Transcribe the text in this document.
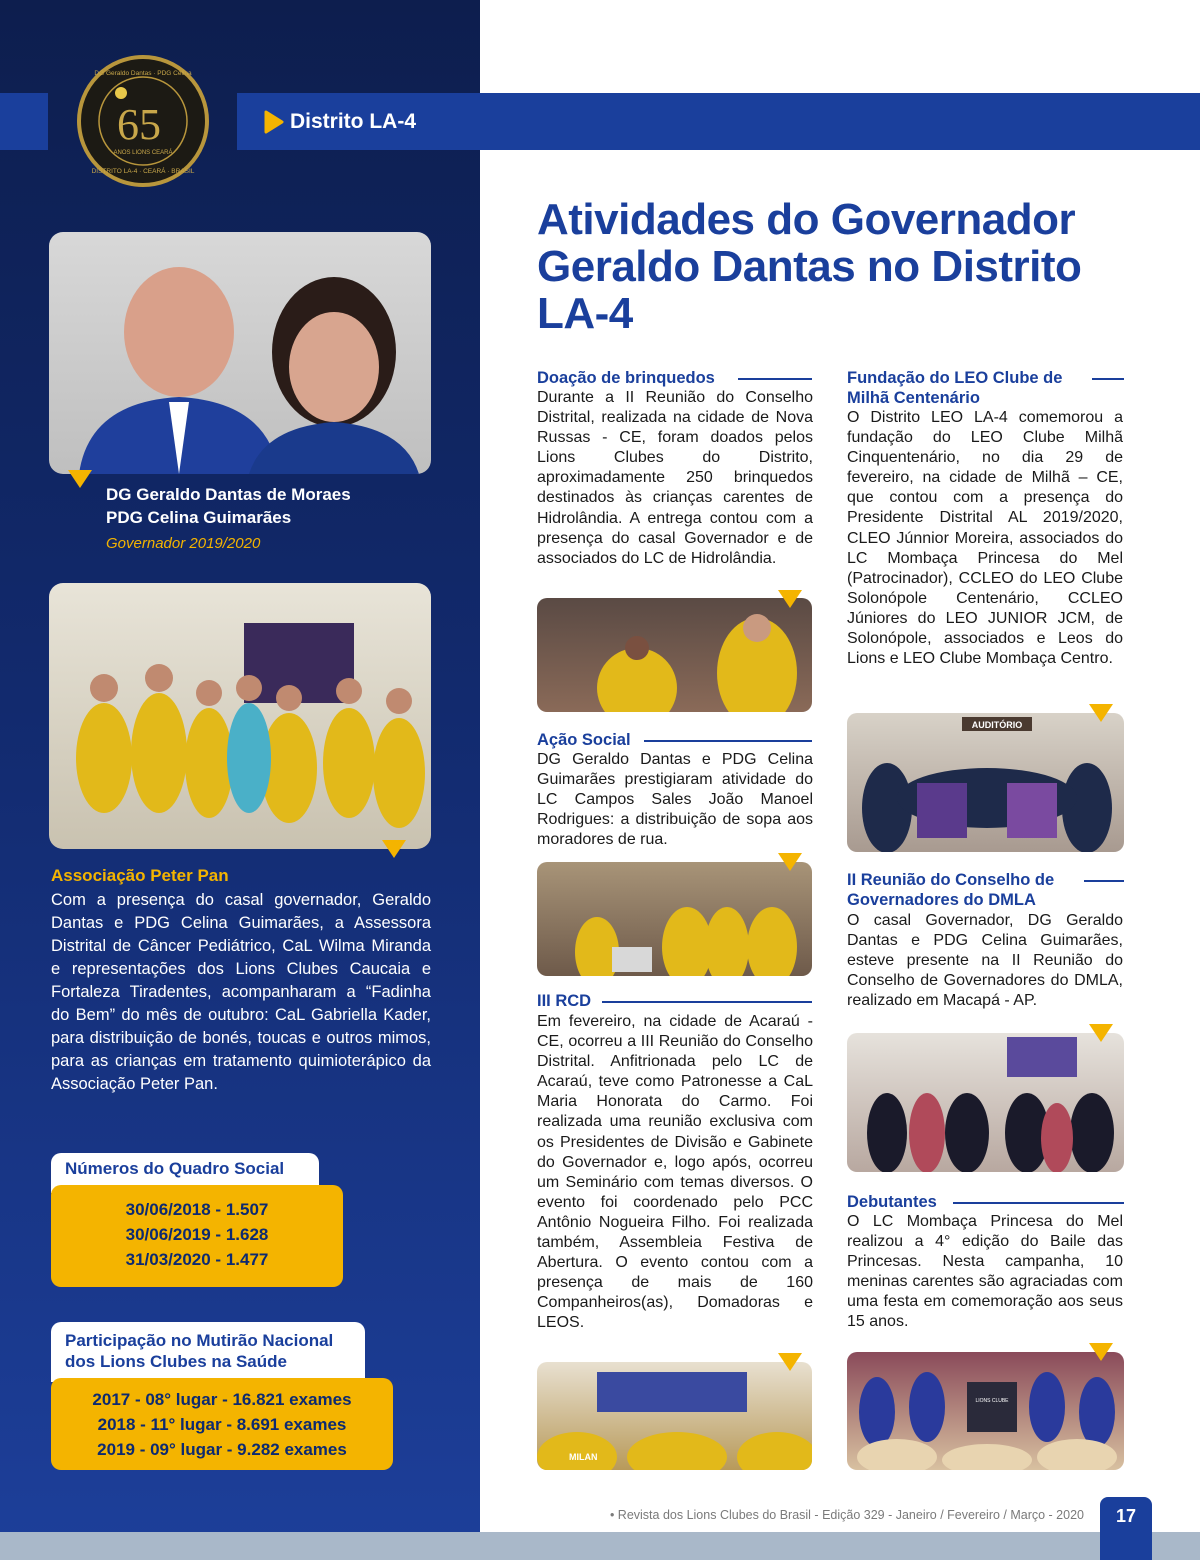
Distrito LA-4
65
ANOS LIONS CEARÁ
DG Geraldo Dantas · PDG Celina
DISTRITO LA-4 · CEARÁ · BRASIL
DG Geraldo Dantas de Moraes
PDG Celina Guimarães
Governador 2019/2020
Associação Peter Pan
Com a presença do casal governador, Geraldo Dantas e PDG Celina Guimarães, a Assessora Distrital de Câncer Pediátrico, CaL Wilma Miranda e representações dos Lions Clubes Caucaia e Fortaleza Tiradentes, acompanharam a “Fadinha do Bem” do mês de outubro: CaL Gabriella Kader, para distribuição de bonés, toucas e outros mimos, para as crianças em tratamento quimioterápico da Associação Peter Pan.
Números do Quadro Social
30/06/2018 - 1.507
30/06/2019 - 1.628
31/03/2020 - 1.477
Participação no Mutirão Nacional
dos Lions Clubes na Saúde
2017 - 08° lugar - 16.821 exames
2018 - 11° lugar - 8.691 exames
2019 - 09° lugar - 9.282 exames
Atividades do Governador Geraldo Dantas no Distrito LA-4
Doação de brinquedos
Durante a II Reunião do Conselho Distrital, realizada na cidade de Nova Russas - CE, foram doados pelos Lions Clubes do Distrito, aproximadamente 250 brinquedos destinados às crianças carentes de Hidrolândia. A entrega contou com a presença do casal Governador e de associados do LC de Hidrolândia.
Ação Social
DG Geraldo Dantas e PDG Celina Guimarães prestigiaram atividade do LC Campos Sales João Manoel Rodrigues: a distribuição de sopa aos moradores de rua.
III RCD
Em fevereiro, na cidade de Acaraú - CE, ocorreu a III Reunião do Conselho Distrital. Anfitrionada pelo LC de Acaraú, teve como Patronesse a CaL Maria Honorata do Carmo. Foi realizada uma reunião exclusiva com os Presidentes de Divisão e Gabinete do Governador e, logo após, ocorreu um Seminário com temas diversos. O evento foi coordenado pelo PCC Antônio Nogueira Filho. Foi realizada também, Assembleia Festiva de Abertura. O evento contou com a presença de mais de 160 Companheiros(as), Domadoras e LEOS.
MILAN
Fundação do LEO Clube de
Milhã Centenário
O Distrito LEO LA-4 comemorou a fundação do LEO Clube Milhã Cinquentenário, no dia 29 de fevereiro, na cidade de Milhã – CE, que contou com a presença do Presidente Distrital AL 2019/2020, CLEO Júnnior Moreira, associados do LC Mombaça Princesa do Mel (Patrocinador), CCLEO do LEO Clube Solonópole Centenário, CCLEO Júniores do LEO JUNIOR JCM, de Solonópole, associados e Leos do Lions e LEO Clube Mombaça Centro.
AUDITÓRIO
II Reunião do Conselho de
Governadores do DMLA
O casal Governador, DG Geraldo Dantas e PDG Celina Guimarães, esteve presente na II Reunião do Conselho de Governadores do DMLA, realizado em Macapá - AP.
Debutantes
O LC Mombaça Princesa do Mel realizou a 4° edição do Baile das Princesas. Nesta campanha, 10 meninas carentes são agraciadas com uma festa em comemoração aos seus 15 anos.
LIONS CLUBE
• Revista dos Lions Clubes do Brasil - Edição 329 - Janeiro / Fevereiro / Março - 2020	17
